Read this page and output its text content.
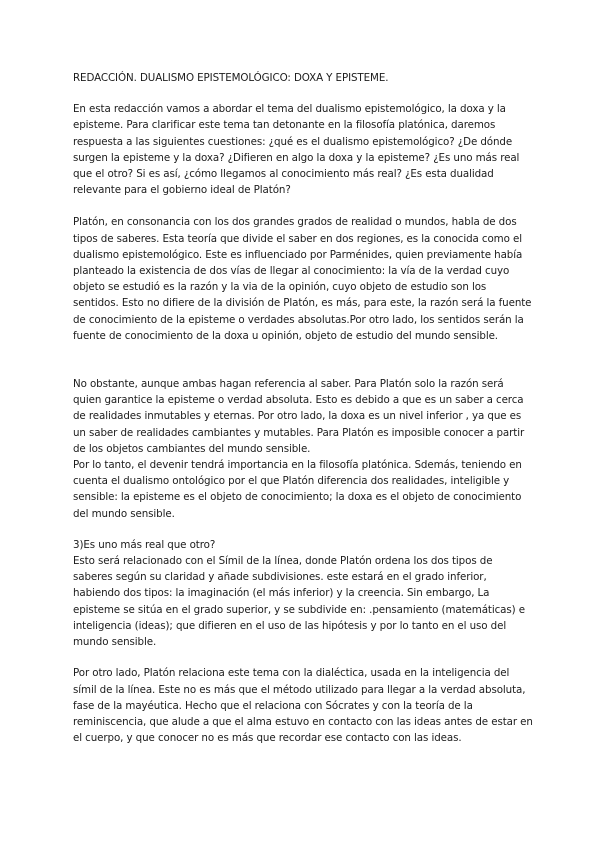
REDACCIÓN. DUALISMO EPISTEMOLÓGICO: DOXA Y EPISTEME.

En esta redacción vamos a abordar el tema del dualismo epistemológico, la doxa y la episteme. Para clarificar este tema tan detonante en la filosofía platónica, daremos respuesta a las siguientes cuestiones: ¿qué es el dualismo epistemológico? ¿De dónde surgen la episteme y la doxa? ¿Difieren en algo la doxa y la episteme? ¿Es uno más real que el otro? Si es así, ¿cómo llegamos al conocimiento más real? ¿Es esta dualidad relevante para el gobierno ideal de Platón?

Platón, en consonancia con los dos grandes grados de realidad o mundos, habla de dos tipos de saberes. Esta teoría que divide el saber en dos regiones, es la conocida como el dualismo epistemológico. Este es influenciado por Parménides, quien previamente había planteado la existencia de dos vías de llegar al conocimiento: la vía de la verdad cuyo objeto se estudió es la razón y la via de la opinión, cuyo objeto de estudio son los sentidos. Esto no difiere de la división de Platón, es más, para este, la razón será la fuente de conocimiento de la episteme o verdades absolutas.Por otro lado, los sentidos serán la fuente de conocimiento de la doxa u opinión, objeto de estudio del mundo sensible.

No obstante, aunque ambas hagan referencia al saber. Para Platón solo la razón será quien garantice la episteme o verdad absoluta. Esto es debido a que es un saber a cerca de realidades inmutables y eternas. Por otro lado, la doxa es un nivel inferior , ya que es un saber de realidades cambiantes y mutables. Para Platón es imposible conocer a partir de los objetos cambiantes del mundo sensible.

Por lo tanto, el devenir tendrá importancia en la filosofía platónica. Sdemás, teniendo en cuenta el dualismo ontológico por el que Platón diferencia dos realidades, inteligible y sensible: la episteme es el objeto de conocimiento; la doxa es el objeto de conocimiento del mundo sensible.

3)Es uno más real que otro?

Esto será relacionado con el Símil de la línea, donde Platón ordena los dos tipos de saberes según su claridad y añade subdivisiones. este estará en el grado inferior, habiendo dos tipos: la imaginación (el más inferior) y la creencia. Sin embargo, La episteme se sitúa en el grado superior, y se subdivide en: .pensamiento (matemáticas) e inteligencia (ideas); que difieren en el uso de las hipótesis y por lo tanto en el uso del mundo sensible.

Por otro lado, Platón relaciona este tema con la dialéctica, usada en la inteligencia del símil de la línea. Este no es más que el método utilizado para llegar a la verdad absoluta, fase de la mayéutica. Hecho que el relaciona con Sócrates y con la teoría de la reminiscencia, que alude a que el alma estuvo en contacto con las ideas antes de estar en el cuerpo, y que conocer no es más que recordar ese contacto con las ideas.
